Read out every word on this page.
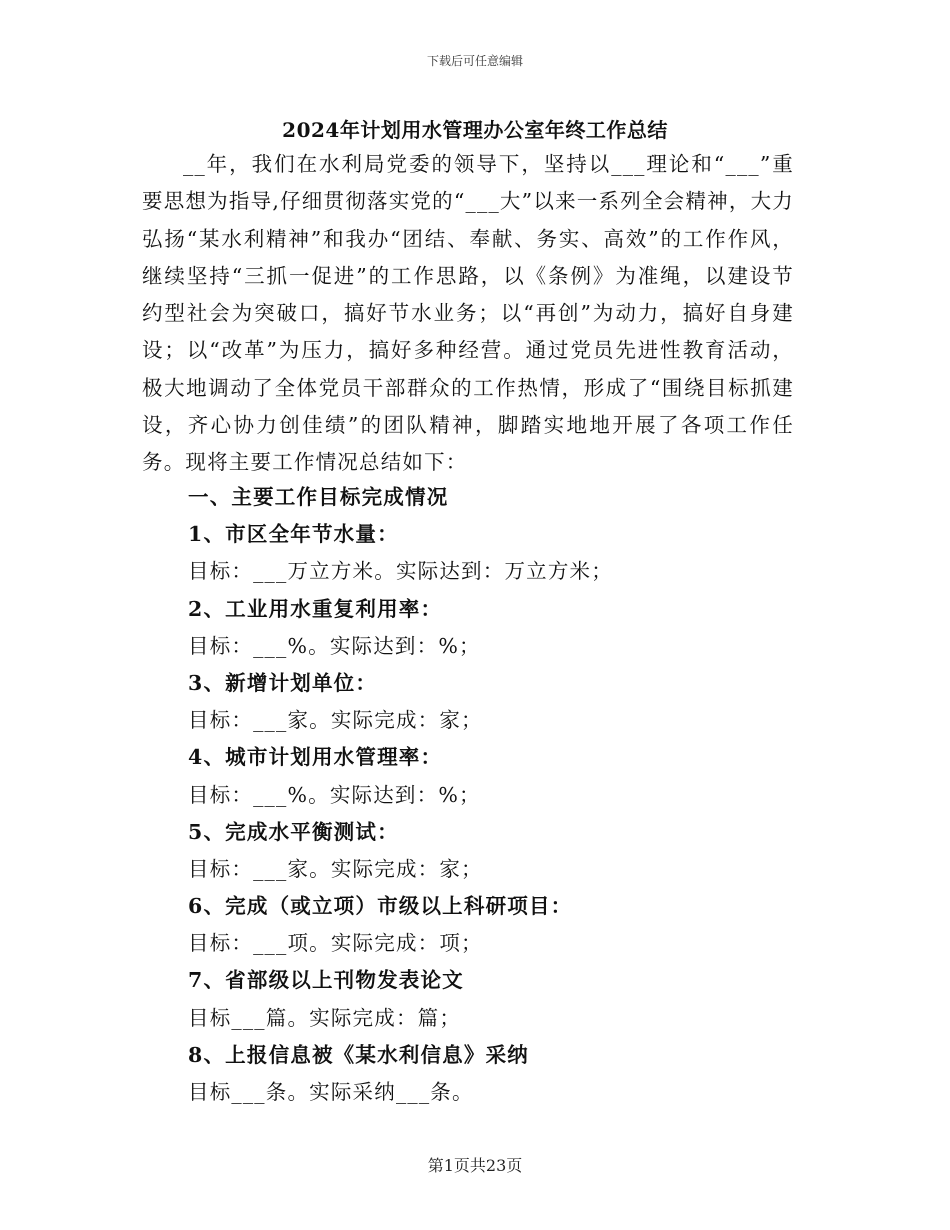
下载后可任意编辑
2024年计划用水管理办公室年终工作总结

__年，我们在水利局党委的领导下，坚持以___理论和“___”重要思想为指导,仔细贯彻落实党的“___大”以来一系列全会精神，大力弘扬“某水利精神”和我办“团结、奉献、务实、高效”的工作作风，继续坚持“三抓一促进”的工作思路，以《条例》为准绳，以建设节约型社会为突破口，搞好节水业务；以“再创”为动力，搞好自身建设；以“改革”为压力，搞好多种经营。通过党员先进性教育活动，极大地调动了全体党员干部群众的工作热情，形成了“围绕目标抓建设，齐心协力创佳绩”的团队精神，脚踏实地地开展了各项工作任务。现将主要工作情况总结如下：

一、主要工作目标完成情况
1、市区全年节水量：
目标：___万立方米。实际达到：万立方米；
2、工业用水重复利用率：
目标：___%。实际达到：%；
3、新增计划单位：
目标：___家。实际完成：家；
4、城市计划用水管理率：
目标：___%。实际达到：%；
5、完成水平衡测试：
目标：___家。实际完成：家；
6、完成（或立项）市级以上科研项目：
目标：___项。实际完成：项；
7、省部级以上刊物发表论文
目标___篇。实际完成：篇；
8、上报信息被《某水利信息》采纳
目标___条。实际采纳___条。
第1页共23页
